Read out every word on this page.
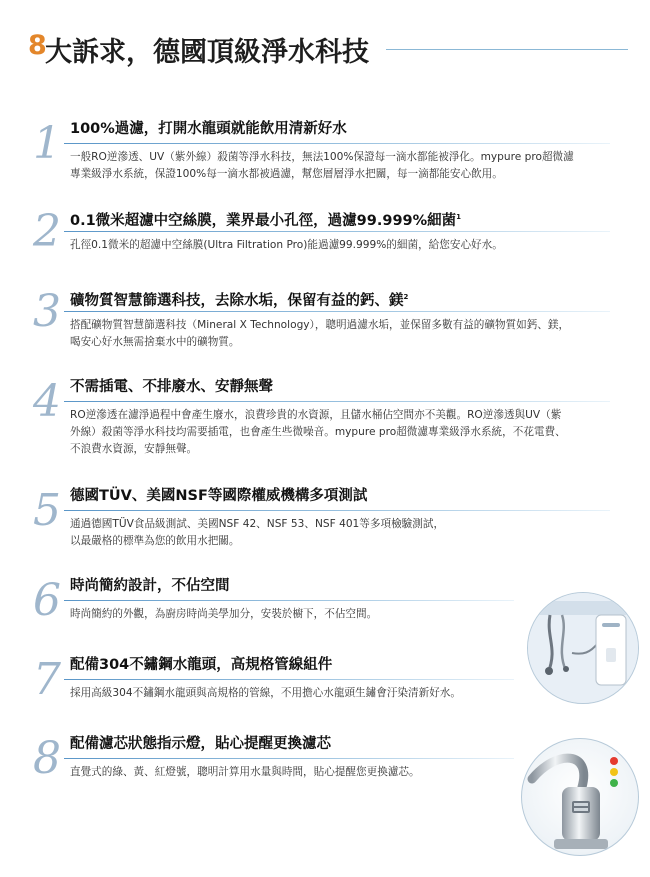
8
大訴求，德國頂級淨水科技
1 100%過濾，打開水龍頭就能飲用清新好水
一般RO逆滲透、UV（紫外線）殺菌等淨水科技，無法100%保證每一滴水都能被淨化。mypure pro超微濾
專業級淨水系統，保證100%每一滴水都被過濾，幫您層層淨水把關，每一滴都能安心飲用。
2 0.1微米超濾中空絲膜，業界最小孔徑，過濾99.999%細菌$^1$
孔徑0.1微米的超濾中空絲膜(Ultra Filtration Pro)能過濾99.999%的細菌，給您安心好水。
3 礦物質智慧篩選科技，去除水垢，保留有益的鈣、鎂$^2$
搭配礦物質智慧篩選科技（Mineral X Technology），聰明過濾水垢，並保留多數有益的礦物質如鈣、鎂，
喝安心好水無需捨棄水中的礦物質。
4 不需插電、不排廢水、安靜無聲
RO逆滲透在濾淨過程中會產生廢水，浪費珍貴的水資源，且儲水桶佔空間亦不美觀。RO逆滲透與UV（紫
外線）殺菌等淨水科技均需要插電，也會產生些微噪音。mypure pro超微濾專業級淨水系統，不花電費、
不浪費水資源，安靜無聲。
5 德國TÜV、美國NSF等國際權威機構多項測試
通過德國TÜV食品級測試、美國NSF 42、NSF 53、NSF 401等多項檢驗測試，
以最嚴格的標準為您的飲用水把關。
6 時尚簡約設計，不佔空間
時尚簡約的外觀，為廚房時尚美學加分，安裝於櫥下，不佔空間。
7 配備304不鏽鋼水龍頭，高規格管線組件
採用高級304不鏽鋼水龍頭與高規格的管線，不用擔心水龍頭生鏽會汙染清新好水。
8 配備濾芯狀態指示燈，貼心提醒更換濾芯
直覺式的綠、黃、紅燈號，聰明計算用水量與時間，貼心提醒您更換濾芯。
